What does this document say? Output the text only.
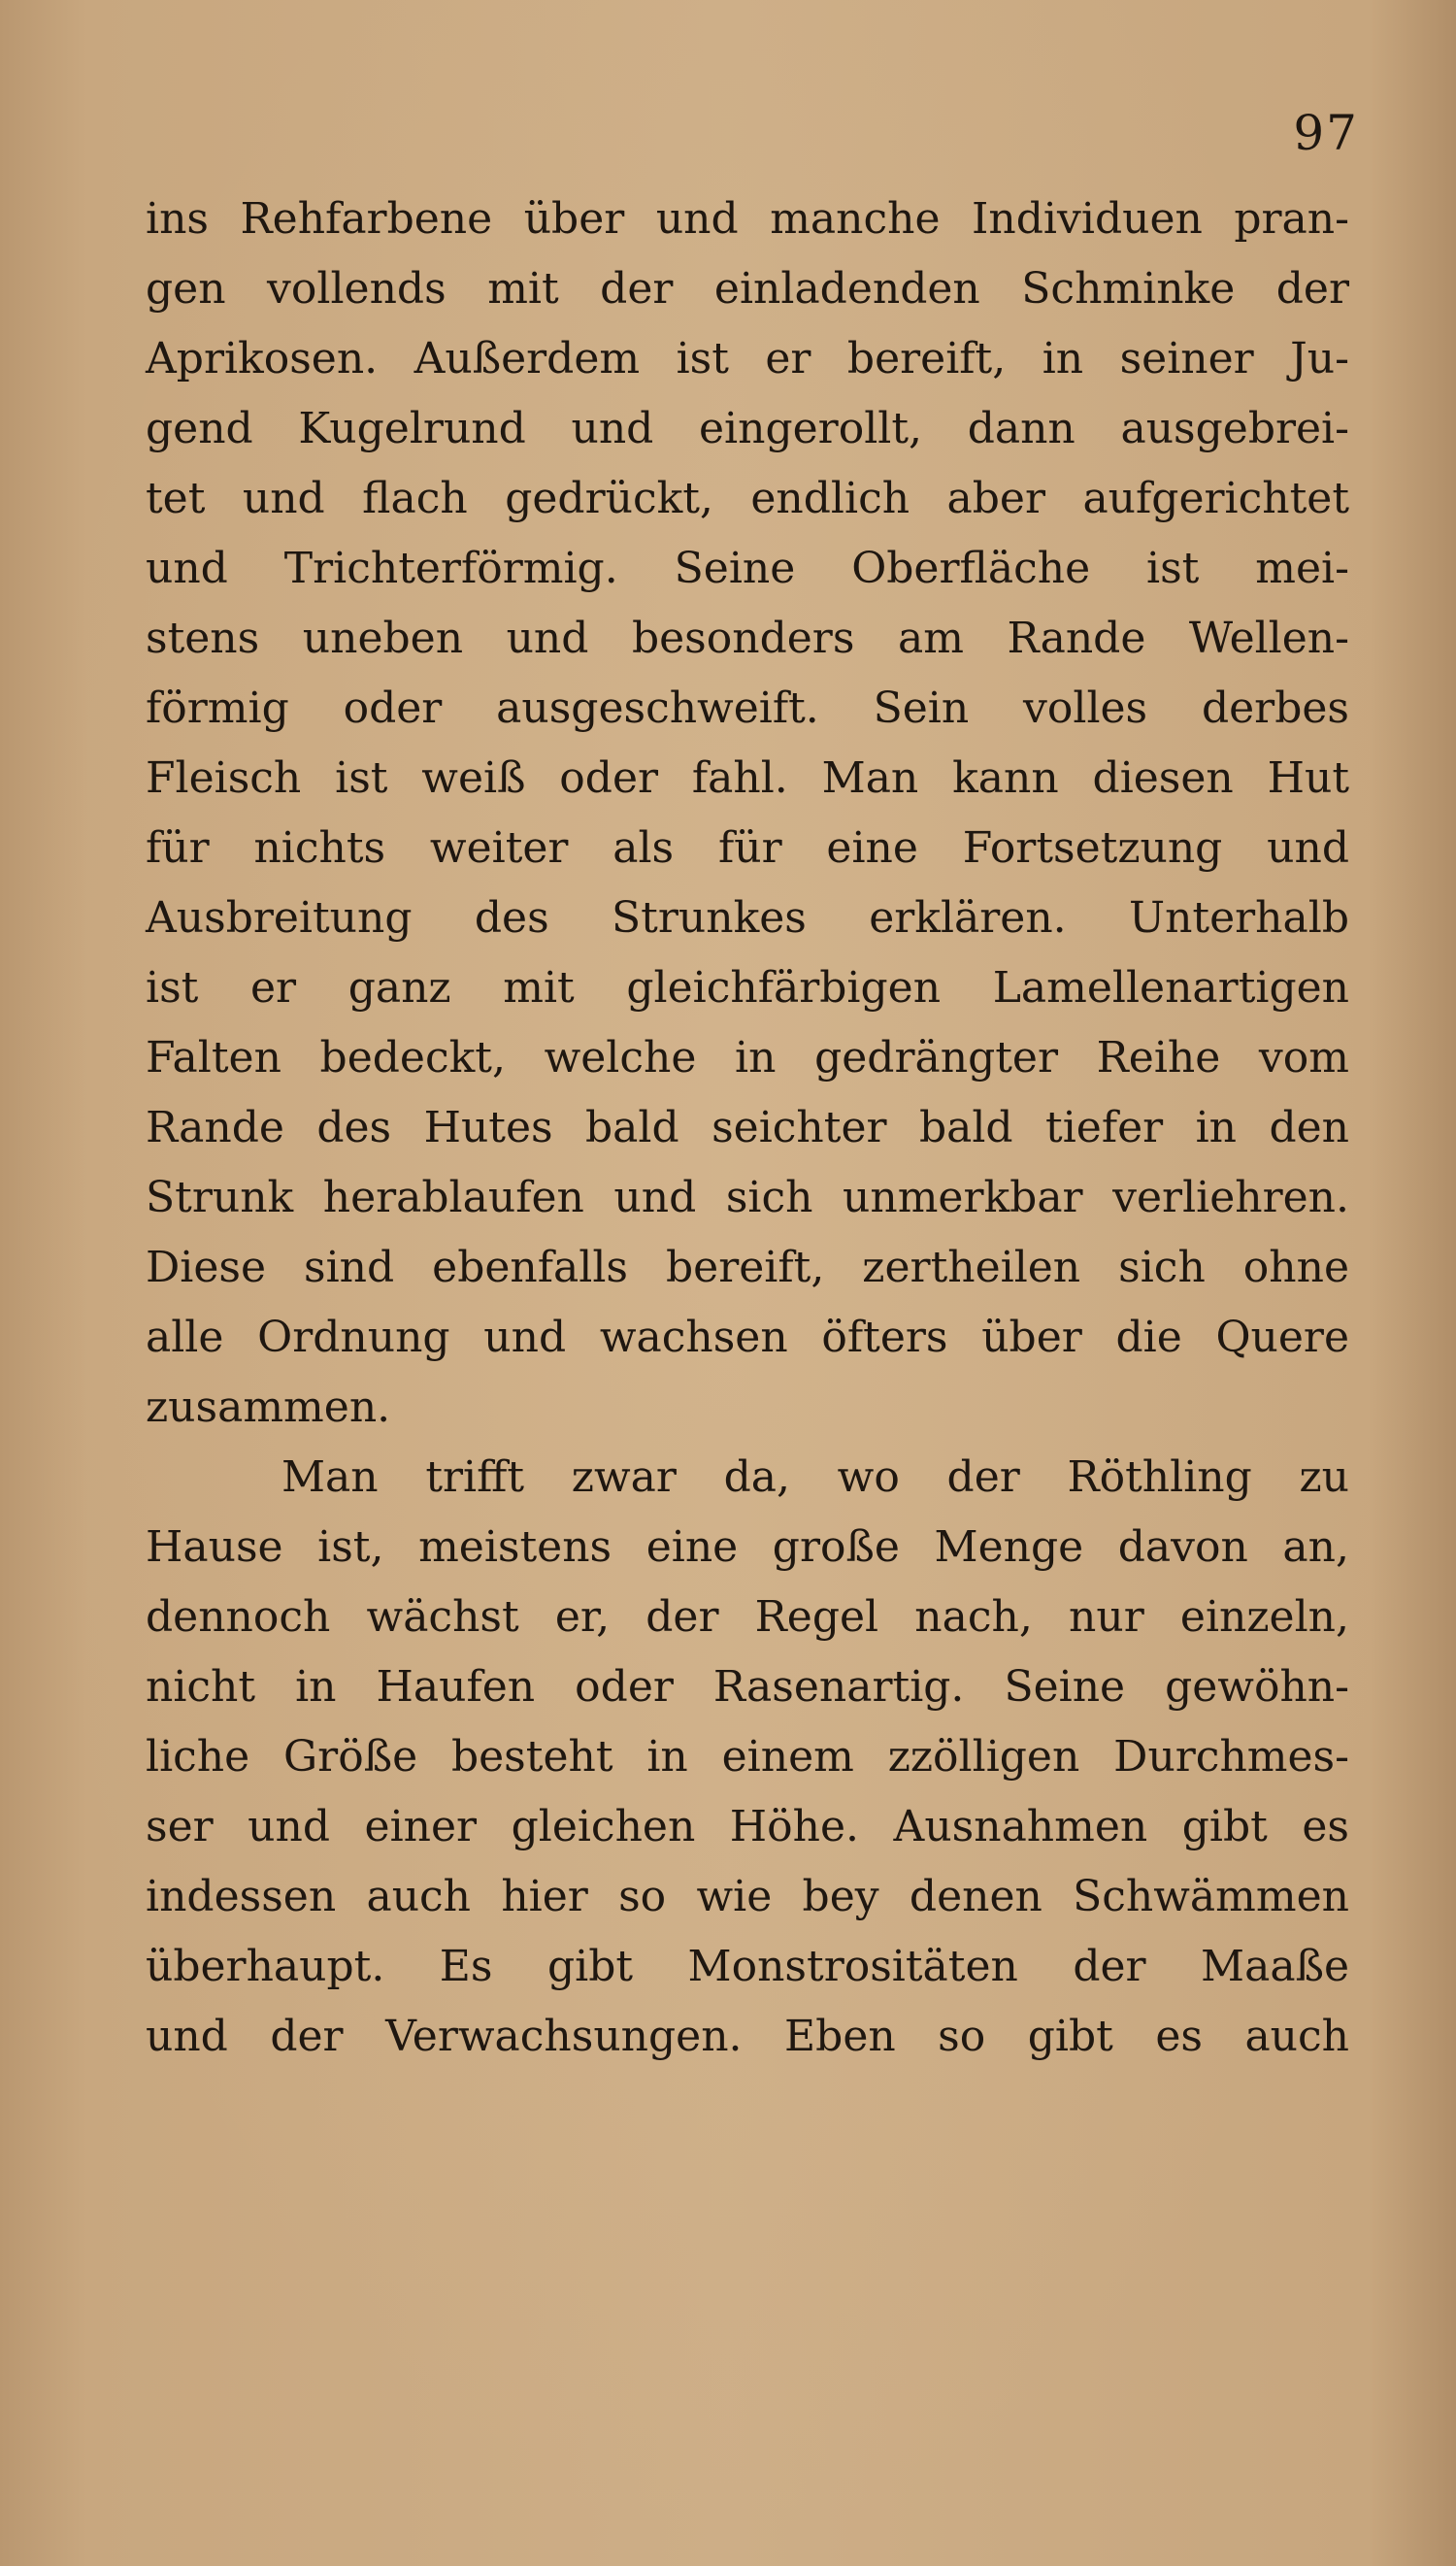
97
ins Rehfarbene über und manche Individuen pran-
gen vollends mit der einladenden Schminke der
Aprikosen. Außerdem ist er bereift, in seiner Ju-
gend Kugelrund und eingerollt, dann ausgebrei-
tet und flach gedrückt, endlich aber aufgerichtet
und Trichterförmig. Seine Oberfläche ist mei-
stens uneben und besonders am Rande Wellen-
förmig oder ausgeschweift. Sein volles derbes
Fleisch ist weiß oder fahl. Man kann diesen Hut
für nichts weiter als für eine Fortsetzung und
Ausbreitung des Strunkes erklären. Unterhalb
ist er ganz mit gleichfärbigen Lamellenartigen
Falten bedeckt, welche in gedrängter Reihe vom
Rande des Hutes bald seichter bald tiefer in den
Strunk herablaufen und sich unmerkbar verliehren.
Diese sind ebenfalls bereift, zertheilen sich ohne
alle Ordnung und wachsen öfters über die Quere
zusammen.
Man trifft zwar da, wo der Röthling zu
Hause ist, meistens eine große Menge davon an,
dennoch wächst er, der Regel nach, nur einzeln,
nicht in Haufen oder Rasenartig. Seine gewöhn-
liche Größe besteht in einem zzölligen Durchmes-
ser und einer gleichen Höhe. Ausnahmen gibt es
indessen auch hier so wie bey denen Schwämmen
überhaupt. Es gibt Monstrositäten der Maaße
und der Verwachsungen. Eben so gibt es auch
